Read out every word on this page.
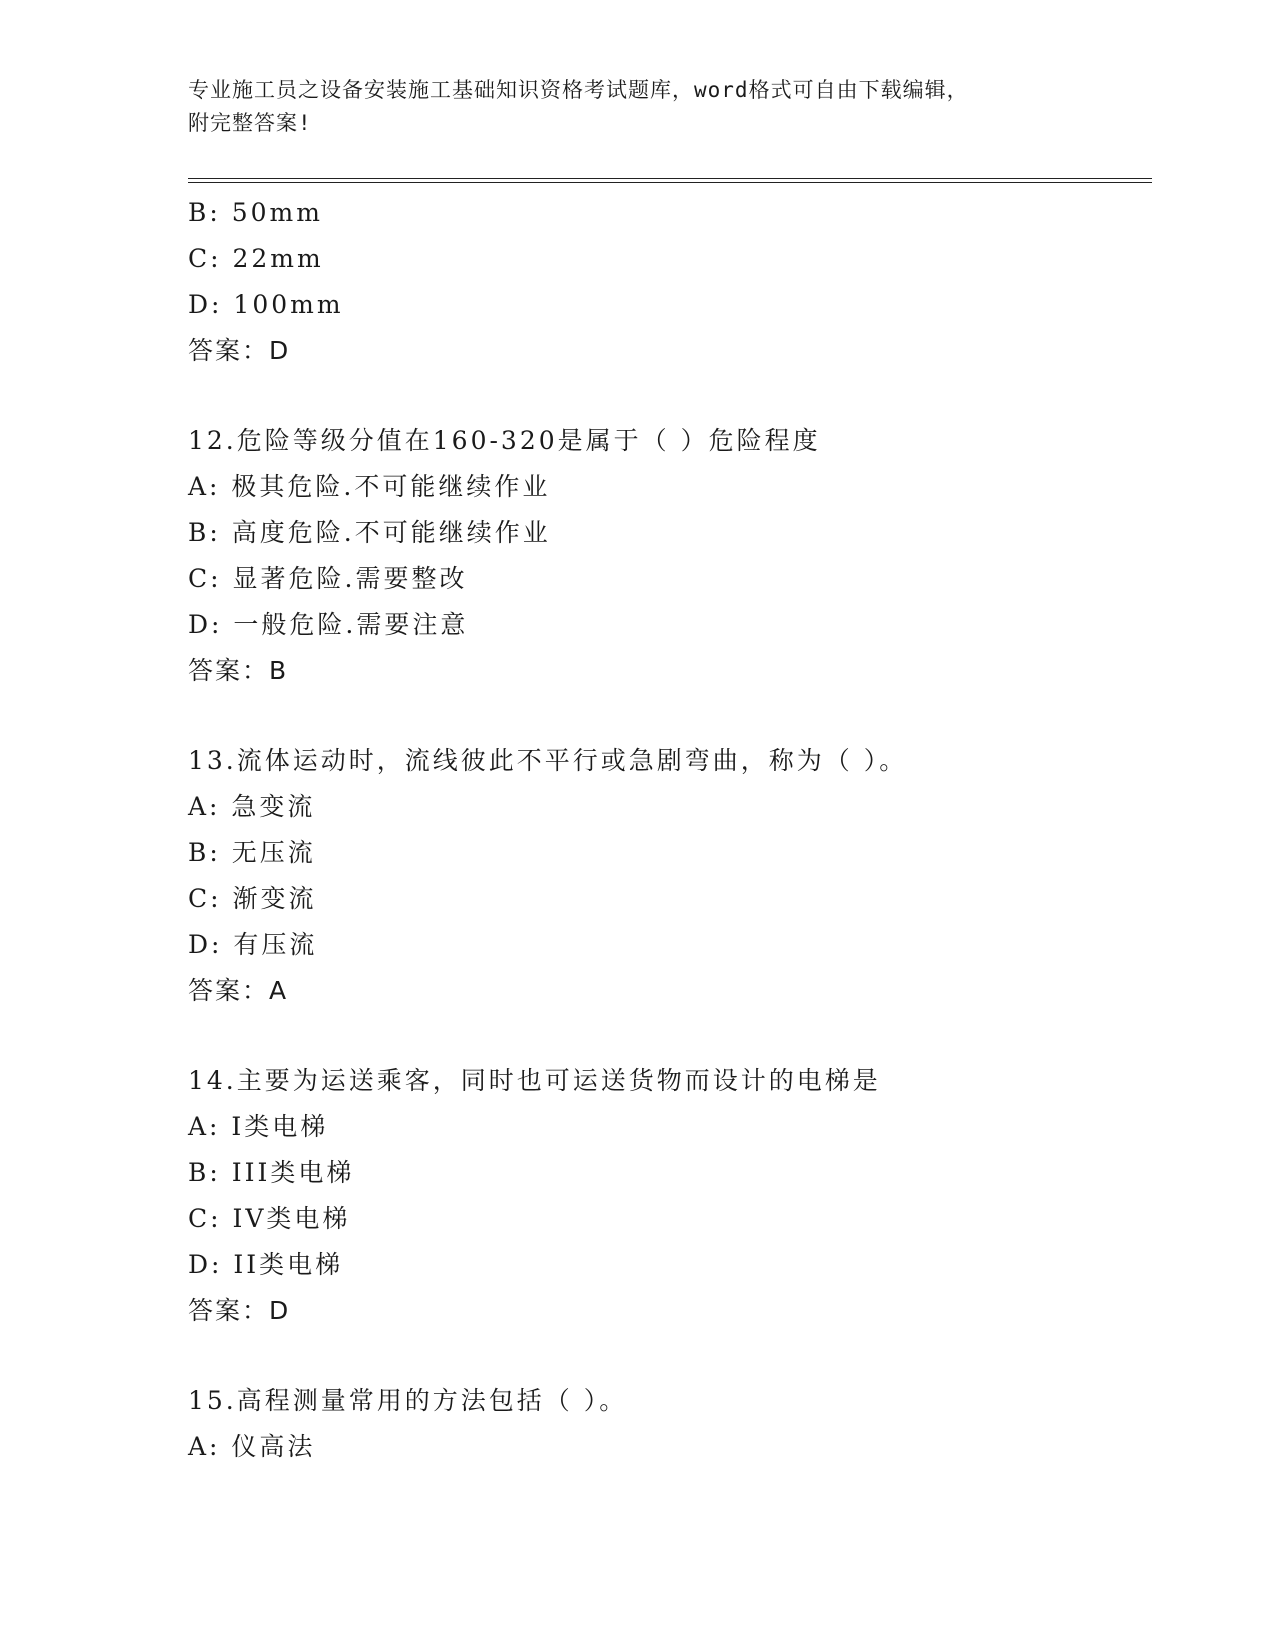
专业施工员之设备安装施工基础知识资格考试题库，word格式可自由下载编辑，
附完整答案!
B: 50mm
C: 22mm
D: 100mm
答案：D
12.危险等级分值在160-320是属于（ ）危险程度
A: 极其危险.不可能继续作业
B: 高度危险.不可能继续作业
C: 显著危险.需要整改
D: 一般危险.需要注意
答案：B
13.流体运动时，流线彼此不平行或急剧弯曲，称为（ ）。
A: 急变流
B: 无压流
C: 渐变流
D: 有压流
答案：A
14.主要为运送乘客，同时也可运送货物而设计的电梯是
A: I类电梯
B: III类电梯
C: IV类电梯
D: II类电梯
答案：D
15.高程测量常用的方法包括（ ）。
A: 仪高法
